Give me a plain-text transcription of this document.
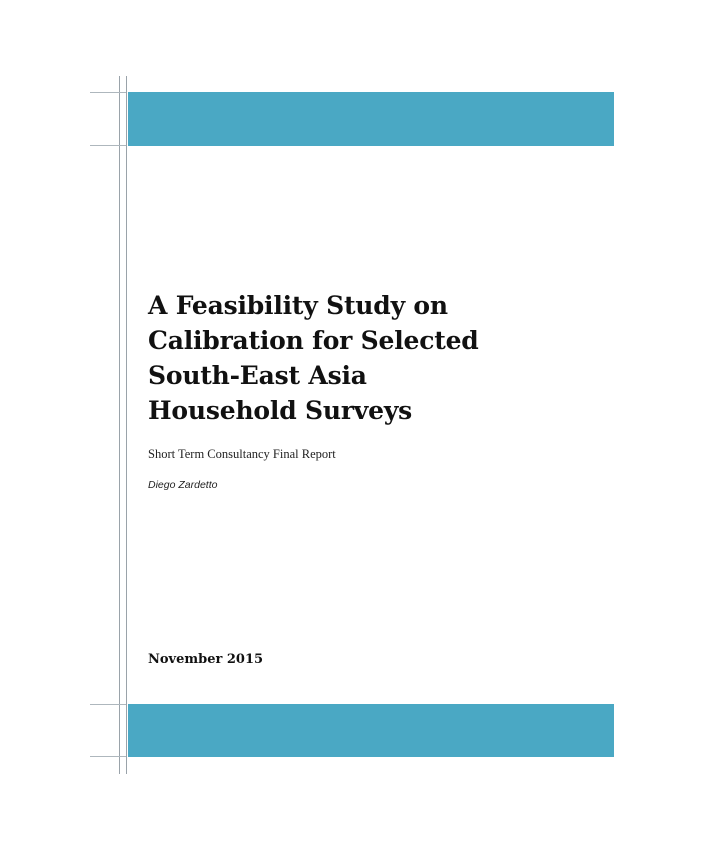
A Feasibility Study on
Calibration for Selected
South-East Asia
Household Surveys
Short Term Consultancy Final Report
Diego Zardetto
November 2015
